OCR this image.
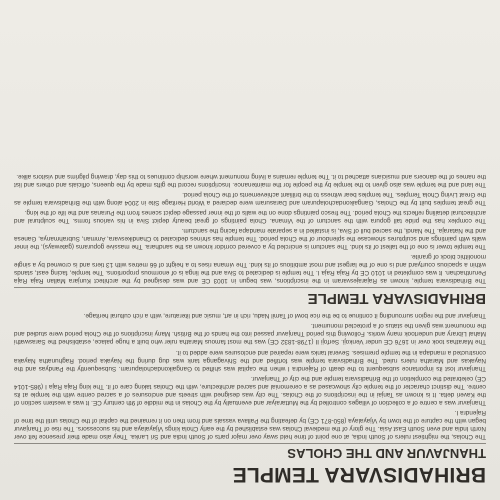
BRIHADISVARA TEMPLE
THANJAVUR AND THE CHOLAS

The Cholas, the mightiest rulers of South India, at one point of time held sway over major parts of South India and Sri Lanka. They also made their presence felt over North India and even South East Asia. The glory of the medieval Cholas was established by the early Chola kings Vijayalaya and his successors. The rise of Thanjavur began with the capture of the town by Vijayalaya (850-871 CE) by defeating the Pallava vassals and from then on it remained the capital of the Cholas until the time of Rajendra I.

Thanjavur was a centre of a collection of villages controlled by the Muttaraiyar and eventually by the Cholas in the middle of 9th century CE. It was a western section of the Kaveri delta. It is known as Tanjai in the inscriptions of the Cholas. The city was designed with streets and enclosures of a sacred centre with the temple at its centre. The distinct character of the temple city showcased as a ceremonial and sacred architecture, with the Cholas taking care of it. The king Raja Raja I (985-1014 CE) celebrated the completion of the Brihadisvara temple and the city of Thanjavur.

Thanjavur lost its importance subsequent to the death of Rajendra I when the capital was shifted to Gangaikondacholapuram. Subsequently the Pandyas and the Nayakas and Maratha rulers ruled. The Brihadisvara temple was fortified and the Shivaganga tank was dug during the Nayaka period. Raghunatha Nayaka constructed a mandapa in the temple premises. Several tanks were repaired and enclosures were added to it.

The Marathas took over in 1676 CE under Venkoji. Serfoji II (1798-1832 CE) was the most famous Maratha ruler who built a huge palace, established the Saraswathi Mahal Library and undertook many works. Following this period Thanjavur passed into the hands of the British. Many inscriptions of the Chola period were studied and the monument was given the status of a protected monument.

Thanjavur and the region surrounding it continue to be the rice bowl of Tamil Nadu, rich in art, music and literature, with a rich cultural heritage.

BRIHADISVARA TEMPLE

The Brihadisvara temple, known as Rajarajesvaram in the inscriptions, was begun in 1003 CE and was designed by the architect Kunjara Mallan Raja Raja Perunthachan. It was completed in 1010 CE by Raja Raja I. The temple is dedicated to Siva and the linga is of enormous proportions. The temple, facing east, stands within a spacious courtyard and is one of the largest and most ambitious of its kind. The vimana rises to a height of 66 metres with 13 tiers and is crowned by a single monolithic block of granite.

The temple tower is one of the tallest of its kind. The sanctum is encircled by a covered corridor known as the sandhara. The massive gopurams (gateways), the inner walls with paintings and sculptures showcase the splendour of the Chola period. The temple has shrines dedicated to Chandikesvara, Amman, Subrahmanya, Ganesa and the Nataraja. The Nandi, the sacred bull of Siva, is installed in a separate mandapa facing the sanctum.

The complex has the pride tall gopura with the sanctum of the Vimana. Chola paintings of great beauty depict Siva in his various forms. The sculptural and architectural detailing reflects the Chola period. The fresco paintings done on the walls of the inner passage depict scenes from the Puranas and the life of the king.

The great temples built by the Cholas, Gangaikondacholapuram and Darasuram were declared a World Heritage Site in 2004 along with the Brihadisvara temple as the Great Living Chola Temples. The temples bear witness to the brilliant achievements of the Chola period.

The land and the temple was also given to the temple by the people for the maintenance. Inscriptions record the gifts made by the queens, officials and others and list the names of the dancers and musicians attached to it. The temple remains a living monument where worship continues to this day, drawing pilgrims and visitors alike.
